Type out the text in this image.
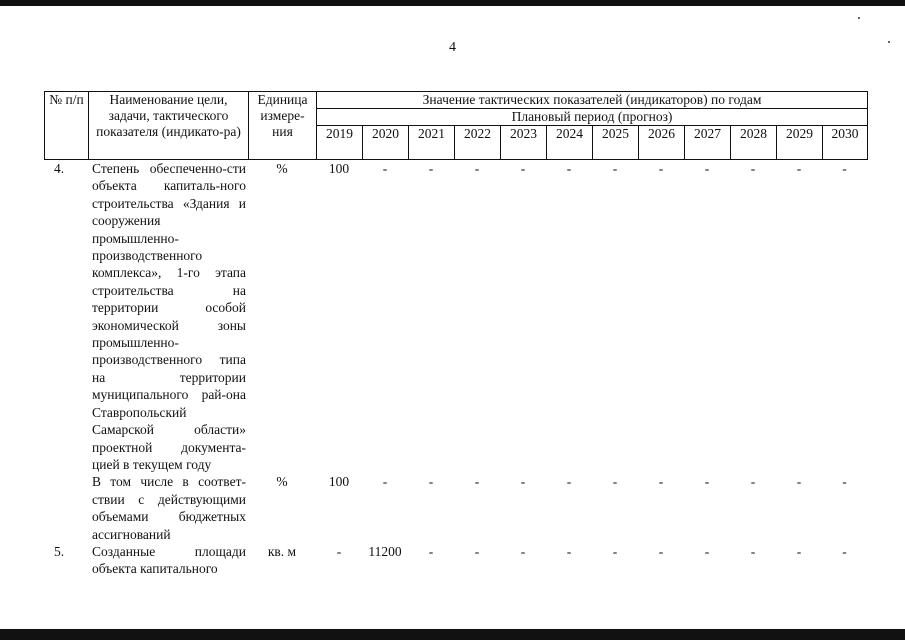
4
№ п/п	Наименование цели, задачи, тактического показателя (индикато-ра)	Единица измере-ния	Значение тактических показателей (индикаторов) по годам											
			Плановый период (прогноз)											
			2019	2020	2021	2022	2023	2024	2025	2026	2027	2028	2029	2030
4.	Степень обеспеченно-сти объекта капиталь-ного строительства «Здания и сооружения промышленно-производственного комплекса», 1-го этапа строительства на территории особой экономической зоны промышленно-производственного типа на территории муниципального рай-она Ставропольский Самарской области» проектной документа-цией в текущем году	%	100	-	-	-	-	-	-	-	-	-	-	-
	В том числе в соответ-ствии с действующими объемами бюджетных ассигнований	%	100	-	-	-	-	-	-	-	-	-	-	-
5.	Созданные площади объекта капитального	кв. м	-	11200	-	-	-	-	-	-	-	-	-	-
